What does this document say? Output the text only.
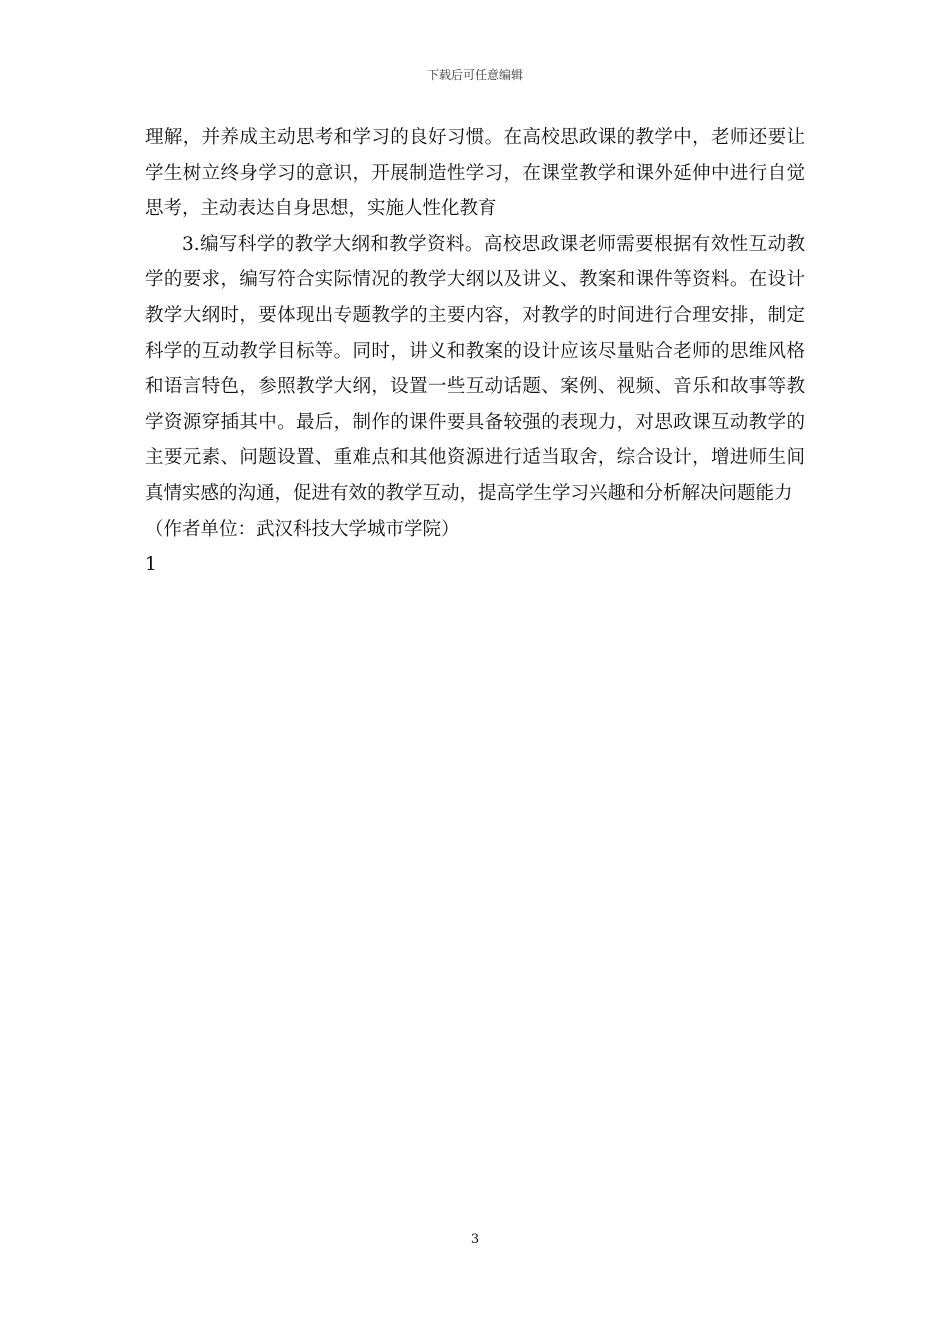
下载后可任意编辑

理解，并养成主动思考和学习的良好习惯。在高校思政课的教学中，老师还要让学生树立终身学习的意识，开展制造性学习，在课堂教学和课外延伸中进行自觉思考，主动表达自身思想，实施人性化教育

3.编写科学的教学大纲和教学资料。高校思政课老师需要根据有效性互动教学的要求，编写符合实际情况的教学大纲以及讲义、教案和课件等资料。在设计教学大纲时，要体现出专题教学的主要内容，对教学的时间进行合理安排，制定科学的互动教学目标等。同时，讲义和教案的设计应该尽量贴合老师的思维风格和语言特色，参照教学大纲，设置一些互动话题、案例、视频、音乐和故事等教学资源穿插其中。最后，制作的课件要具备较强的表现力，对思政课互动教学的主要元素、问题设置、重难点和其他资源进行适当取舍，综合设计，增进师生间真情实感的沟通，促进有效的教学互动，提高学生学习兴趣和分析解决问题能力

（作者单位：武汉科技大学城市学院）

1

3
